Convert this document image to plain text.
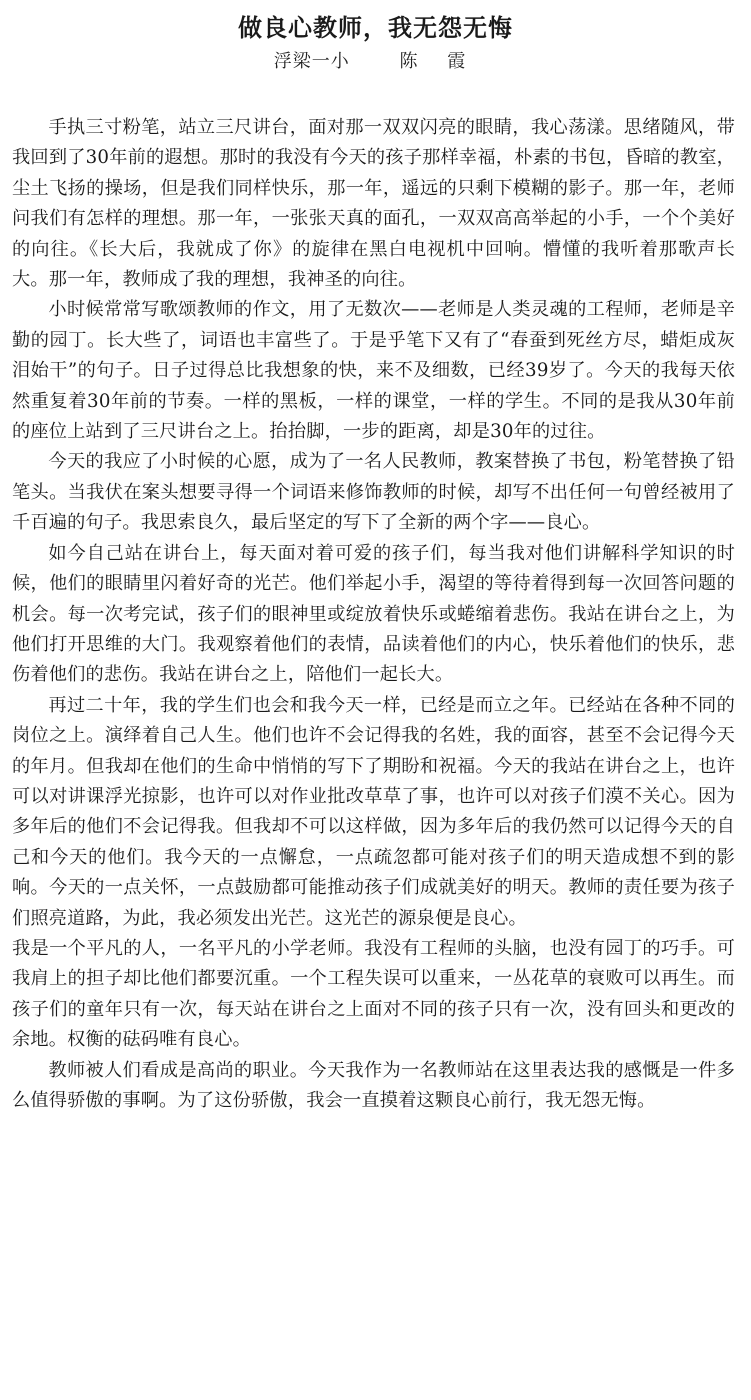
做良心教师，我无怨无悔
浮梁一小	陈 霞

手执三寸粉笔，站立三尺讲台，面对那一双双闪亮的眼睛，我心荡漾。思绪随风，带我回到了30年前的遐想。那时的我没有今天的孩子那样幸福，朴素的书包，昏暗的教室，尘土飞扬的操场，但是我们同样快乐，那一年，遥远的只剩下模糊的影子。那一年，老师问我们有怎样的理想。那一年，一张张天真的面孔，一双双高高举起的小手，一个个美好的向往。《长大后，我就成了你》的旋律在黑白电视机中回响。懵懂的我听着那歌声长大。那一年，教师成了我的理想，我神圣的向往。

小时候常常写歌颂教师的作文，用了无数次——老师是人类灵魂的工程师，老师是辛勤的园丁。长大些了，词语也丰富些了。于是乎笔下又有了“春蚕到死丝方尽，蜡炬成灰泪始干”的句子。日子过得总比我想象的快，来不及细数，已经39岁了。今天的我每天依然重复着30年前的节奏。一样的黑板，一样的课堂，一样的学生。不同的是我从30年前的座位上站到了三尺讲台之上。抬抬脚，一步的距离，却是30年的过往。

今天的我应了小时候的心愿，成为了一名人民教师，教案替换了书包，粉笔替换了铅笔头。当我伏在案头想要寻得一个词语来修饰教师的时候，却写不出任何一句曾经被用了千百遍的句子。我思索良久，最后坚定的写下了全新的两个字——良心。

如今自己站在讲台上，每天面对着可爱的孩子们，每当我对他们讲解科学知识的时候，他们的眼睛里闪着好奇的光芒。他们举起小手，渴望的等待着得到每一次回答问题的机会。每一次考完试，孩子们的眼神里或绽放着快乐或蜷缩着悲伤。我站在讲台之上，为他们打开思维的大门。我观察着他们的表情，品读着他们的内心，快乐着他们的快乐，悲伤着他们的悲伤。我站在讲台之上，陪他们一起长大。

再过二十年，我的学生们也会和我今天一样，已经是而立之年。已经站在各种不同的岗位之上。演绎着自己人生。他们也许不会记得我的名姓，我的面容，甚至不会记得今天的年月。但我却在他们的生命中悄悄的写下了期盼和祝福。今天的我站在讲台之上，也许可以对讲课浮光掠影，也许可以对作业批改草草了事，也许可以对孩子们漠不关心。因为多年后的他们不会记得我。但我却不可以这样做，因为多年后的我仍然可以记得今天的自己和今天的他们。我今天的一点懈怠，一点疏忽都可能对孩子们的明天造成想不到的影响。今天的一点关怀，一点鼓励都可能推动孩子们成就美好的明天。教师的责任要为孩子们照亮道路，为此，我必须发出光芒。这光芒的源泉便是良心。

我是一个平凡的人，一名平凡的小学老师。我没有工程师的头脑，也没有园丁的巧手。可我肩上的担子却比他们都要沉重。一个工程失误可以重来，一丛花草的衰败可以再生。而孩子们的童年只有一次，每天站在讲台之上面对不同的孩子只有一次，没有回头和更改的余地。权衡的砝码唯有良心。

教师被人们看成是高尚的职业。今天我作为一名教师站在这里表达我的感慨是一件多么值得骄傲的事啊。为了这份骄傲，我会一直摸着这颗良心前行，我无怨无悔。
